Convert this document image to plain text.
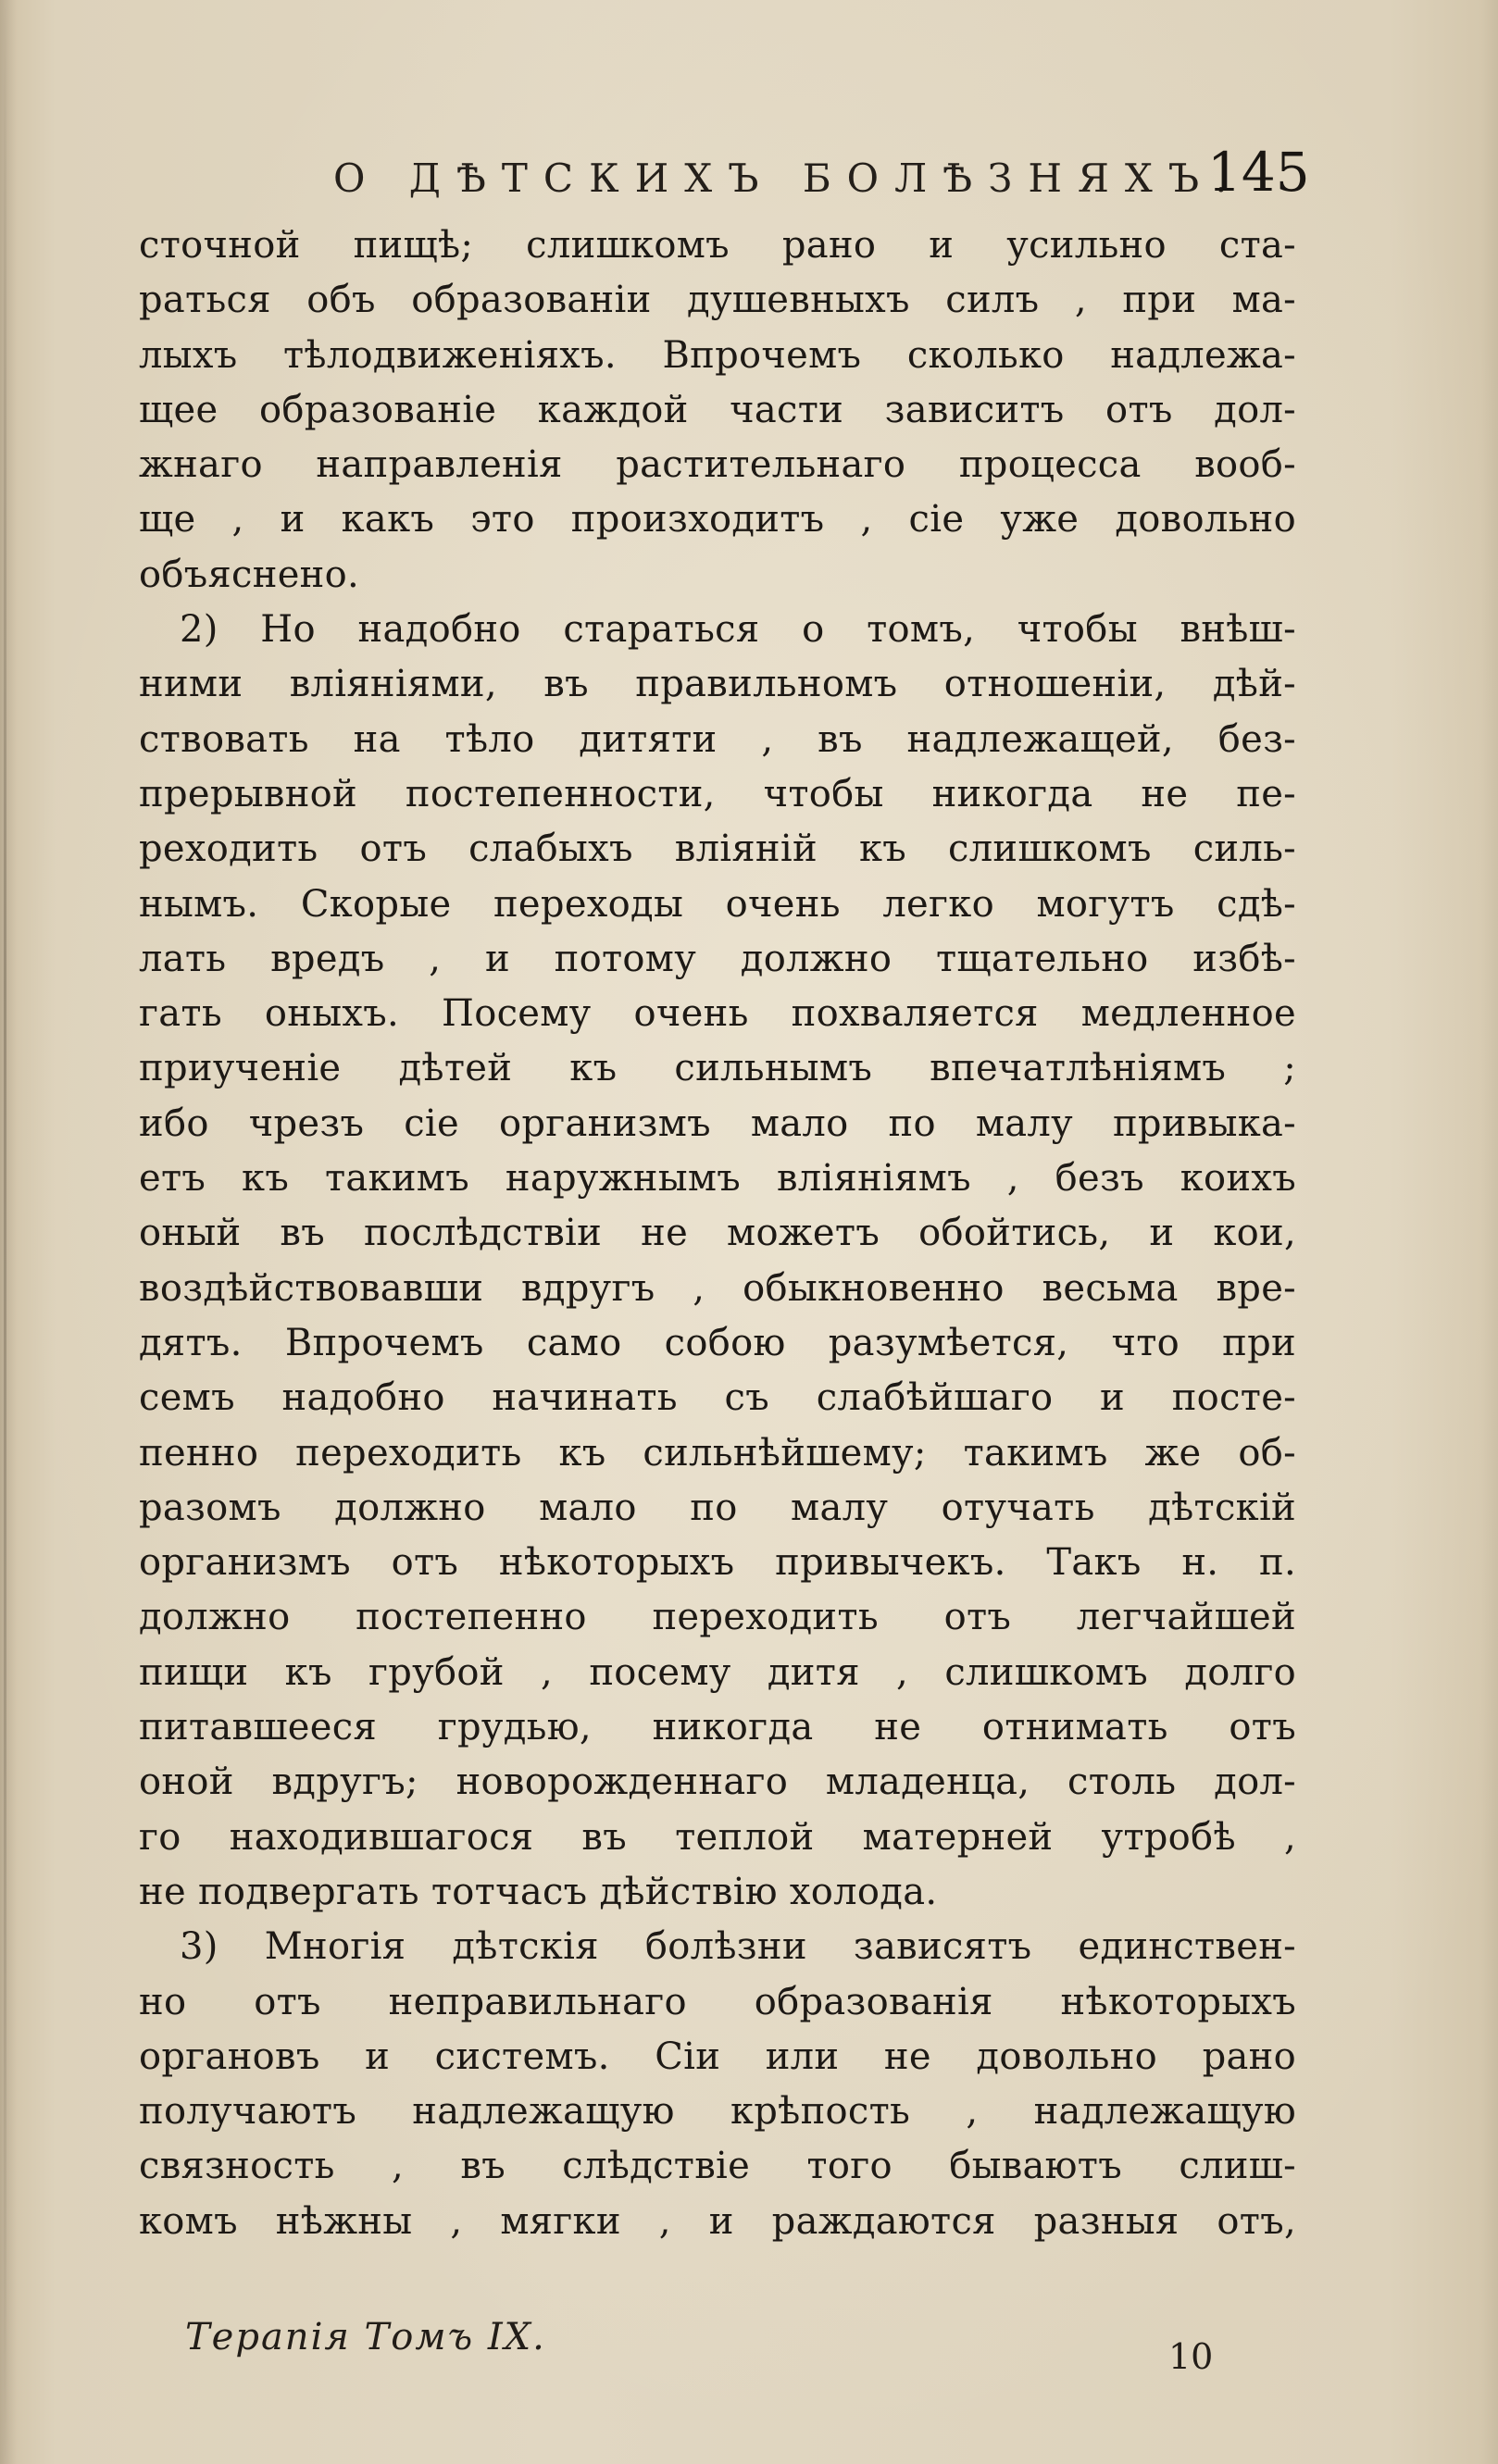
О ДѢТСКИХЪ БОЛѢЗНЯХЪ.
145
сточной пищѣ; слишкомъ рано и усильно ста-
раться объ образованіи душевныхъ силъ , при ма-
лыхъ тѣлодвиженіяхъ. Впрочемъ сколько надлежа-
щее образованіе каждой части зависитъ отъ дол-
жнаго направленія растительнаго процесса вооб-
ще , и какъ это произходитъ , сіе уже довольно
объяснено.
2) Но надобно стараться о томъ, чтобы внѣш-
ними вліяніями, въ правильномъ отношеніи, дѣй-
ствовать на тѣло дитяти , въ надлежащей, без-
прерывной постепенности, чтобы никогда не пе-
реходить отъ слабыхъ вліяній къ слишкомъ силь-
нымъ. Скорые переходы очень легко могутъ сдѣ-
лать вредъ , и потому должно тщательно избѣ-
гать оныхъ. Посему очень похваляется медленное
приученіе дѣтей къ сильнымъ впечатлѣніямъ ;
ибо чрезъ сіе организмъ мало по малу привыка-
етъ къ такимъ наружнымъ вліяніямъ , безъ коихъ
оный въ послѣдствіи не можетъ обойтись, и кои,
воздѣйствовавши вдругъ , обыкновенно весьма вре-
дятъ. Впрочемъ само собою разумѣется, что при
семъ надобно начинать съ слабѣйшаго и посте-
пенно переходить къ сильнѣйшему; такимъ же об-
разомъ должно мало по малу отучать дѣтскій
организмъ отъ нѣкоторыхъ привычекъ. Такъ н. п.
должно постепенно переходить отъ легчайшей
пищи къ грубой , посему дитя , слишкомъ долго
питавшееся грудью, никогда не отнимать отъ
оной вдругъ; новорожденнаго младенца, столь дол-
го находившагося въ теплой матерней утробѣ ,
не подвергать тотчасъ дѣйствію холода.
3) Многія дѣтскія болѣзни зависятъ единствен-
но отъ неправильнаго образованія нѣкоторыхъ
органовъ и системъ. Сіи или не довольно рано
получаютъ надлежащую крѣпость , надлежащую
связность , въ слѣдствіе того бываютъ слиш-
комъ нѣжны , мягки , и раждаются разныя отъ,
Терапія Томъ IX.	10
